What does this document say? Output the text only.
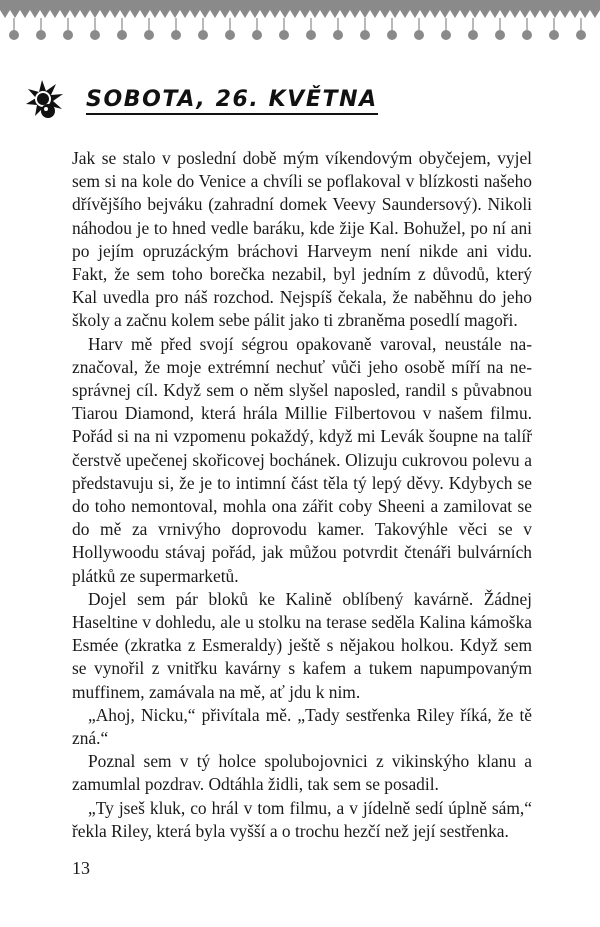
SOBOTA, 26. KVĚTNA

Jak se stalo v poslední době mým víkendovým obyčejem, vyjel sem si na kole do Venice a chvíli se poflakoval v blízkosti našeho dřívějšího bejváku (zahradní domek Veevy Saundersový). Nikoli náhodou je to hned vedle baráku, kde žije Kal. Bohužel, po ní ani po jejím opruzáckým bráchovi Harveym není nikde ani vidu. Fakt, že sem toho borečka nezabil, byl jedním z důvodů, který Kal uvedla pro náš rozchod. Nejspíš čekala, že naběhnu do jeho školy a začnu kolem sebe pálit jako ti zbraněma posedlí magoři.

Harv mě před svojí ségrou opakovaně varoval, neustále naznačoval, že moje extrémní nechuť vůči jeho osobě míří na nesprávnej cíl. Když sem o něm slyšel naposled, randil s půvabnou Tiarou Diamond, která hrála Millie Filbertovou v našem filmu. Pořád si na ni vzpomenu pokaždý, když mi Levák šoupne na talíř čerstvě upečenej skořicovej bochánek. Olizuju cukrovou polevu a představuju si, že je to intimní část těla tý lepý děvy. Kdybych se do toho nemontoval, mohla ona zářit coby Sheeni a zamilovat se do mě za vrnivýho doprovodu kamer. Takovýhle věci se v Hollywoodu stávaj pořád, jak můžou potvrdit čtenáři bulvárních plátků ze supermarketů.

Dojel sem pár bloků ke Kalině oblíbený kavárně. Žádnej Haseltine v dohledu, ale u stolku na terase seděla Kalina kámoška Esmée (zkratka z Esmeraldy) ještě s nějakou holkou. Když sem se vynořil z vnitřku kavárny s kafem a tukem napumpovaným muffinem, zamávala na mě, ať jdu k nim.

„Ahoj, Nicku,“ přivítala mě. „Tady sestřenka Riley říká, že tě zná.“

Poznal sem v tý holce spolubojovnici z vikinskýho klanu a zamumlal pozdrav. Odtáhla židli, tak sem se posadil.

„Ty jseš kluk, co hrál v tom filmu, a v jídelně sedí úplně sám,“ řekla Riley, která byla vyšší a o trochu hezčí než její sestřenka.

13
